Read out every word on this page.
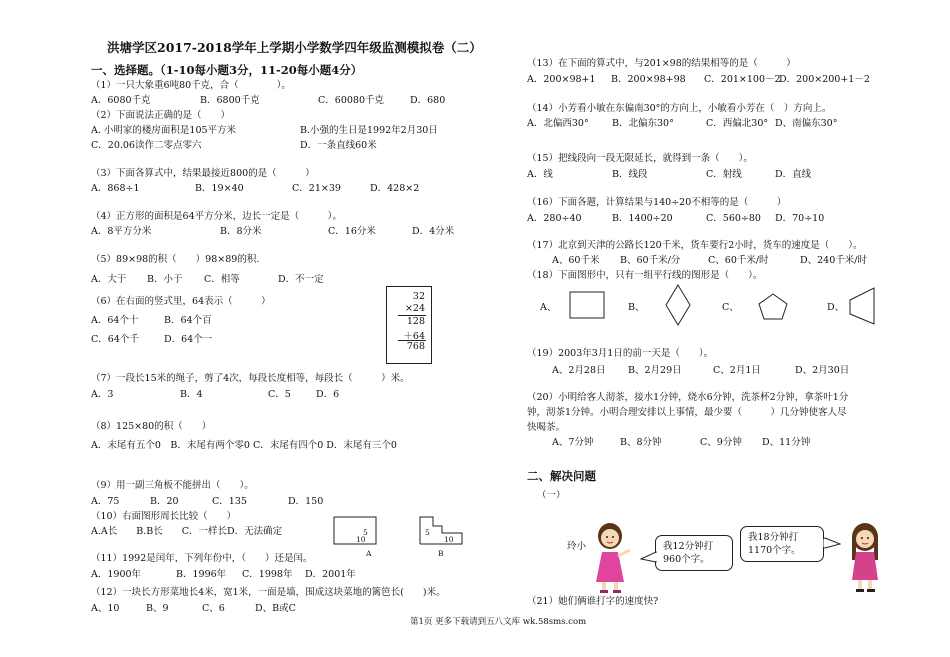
洪塘学区2017-2018学年上学期小学数学四年级监测模拟卷（二）
一、选择题。（1-10每小题3分，11-20每小题4分）
（1）一只大象重6吨80千克，合（　　　　）。
A．6080千克	B．6800千克	C．60080千克	D．680
（2）下面说法正确的是（　　）
A. 小明家的楼房面积是105平方米	B.小强的生日是1992年2月30日
C．20.06读作二零点零六	D．一条直线60米
（3）下面各算式中，结果最接近800的是（　　　）
A．868÷1	B．19×40	C．21×39	D．428×2
（4）正方形的面积是64平方分米，边长一定是（　　　）。
A．8平方分米	B．8分米	C．16分米	D．4分米
（5）89×98的积（　　）98×89的积.
A．大于 B．小于 C．相等	D．不一定
（6）在右面的竖式里，64表示（　　　）
A．64个十	B．64个百
C．64个千	D．64个一
32
×24
128
＋64
768
（7）一段长15米的绳子，剪了4次，每段长度相等，每段长（　　　）米。
A．3	B．4	C．5	D．6
（8）125×80的积（　　）
A．末尾有五个0　B．末尾有两个零0 C．末尾有四个0 D．末尾有三个0
（9）用一副三角板不能拼出（　　）。
A．75	B．20	C．135	D．150
（10）右面图形周长比较（　　）
A.A长　　B.B长　　C．一样长D．无法确定	5
10
A
5
10
B
（11）1992是闰年，下列年份中，（　　）还是闰。
A．1900年	B．1996年 C．1998年 D．2001年
（12）一块长方形菜地长4米，宽1米，一面是墙，围成这块菜地的篱笆长(　　)米。
A、10	B、9	C、6	D、B或C
（13）在下面的算式中，与201×98的结果相等的是（　　　）
A．200×98+1 B．200×98+98 C．201×100－2
D．200×200+1－2
（14）小芳看小敏在东偏南30°的方向上，小敏看小芳在（　）方向上。
A．北偏西30° B．北偏东30°	C．西偏北30° D、南偏东30°
（15）把线段向一段无限延长，就得到一条（　　）。
A．线	B．线段	C．射线	D．直线
（16）下面各题，计算结果与140÷20不相等的是（　　　）
A．280÷40	B．1400÷20	C．560÷80 D．70÷10
（17）北京到天津的公路长120千米，货车要行2小时，货车的速度是（　　）。
A、60千米 B、60千米/分	C、60千米/时	D、240千米/时
（18）下面图形中，只有一组平行线的图形是（　　）。
A、	B、	C、	D、
（19）2003年3月1日的前一天是（　　）。
A、2月28日 B、2月29日	C、2月1日	D、2月30日
（20）小明给客人沏茶，接水1分钟，烧水6分钟，洗茶杯2分钟，拿茶叶1分
钟，沏茶1分钟。小明合理安排以上事情，最少要（　　　）几分钟使客人尽
快喝茶。
A、7分钟	B、8分钟	C、9分钟 D、11分钟
二、解决问题
（一）
玲小	我12分钟打
960个字。
我18分钟打
1170个字。
（21）她们俩谁打字的速度快?
第1页 更多下载请到五八文库 wk.58sms.com
